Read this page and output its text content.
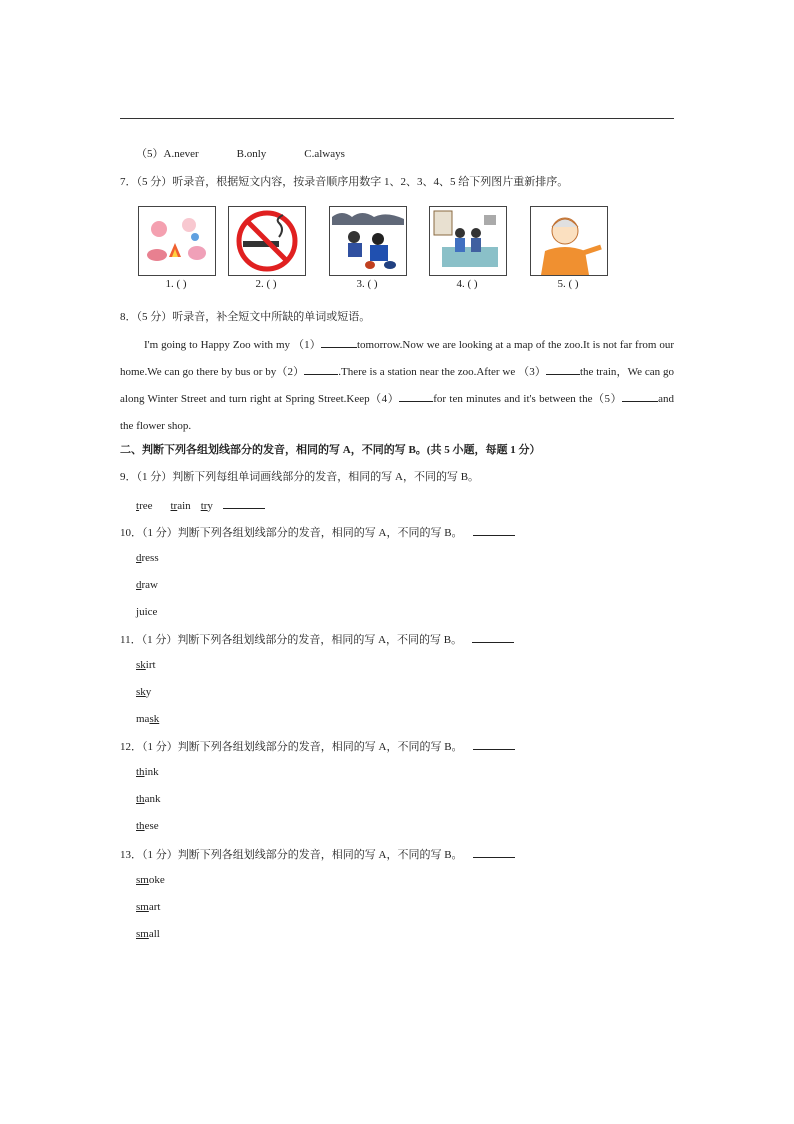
（5）A.never	B.only	C.always
7．（5 分）听录音，根据短文内容，按录音顺序用数字 1、2、3、4、5 给下列图片重新排序。
1. ( )	2. ( )	3. ( )	4. ( )	5. ( )
8．（5 分）听录音，补全短文中所缺的单词或短语。
I'm going to Happy Zoo with my （1）	tomorrow.Now we are looking at a map of the zoo.It is not far from our home.We can go there by bus or by（2）	.There is a station near the zoo.After we （3）	the train，We can go along Winter Street and turn right at Spring Street.Keep（4）	for ten minutes and it's between the（5）	and the flower shop.
二、判断下列各组划线部分的发音，相同的写 A，不同的写 B。(共 5 小题，每题 1 分）
9．（1 分）判断下列每组单词画线部分的发音，相同的写 A，不同的写 B。
tree train try
10．（1 分）判断下列各组划线部分的发音，相同的写 A，不同的写 B。
dress
draw
juice
11．（1 分）判断下列各组划线部分的发音，相同的写 A，不同的写 B。
skirt
sky
mask
12．（1 分）判断下列各组划线部分的发音，相同的写 A，不同的写 B。
think
thank
these
13．（1 分）判断下列各组划线部分的发音，相同的写 A，不同的写 B。
smoke
smart
small
